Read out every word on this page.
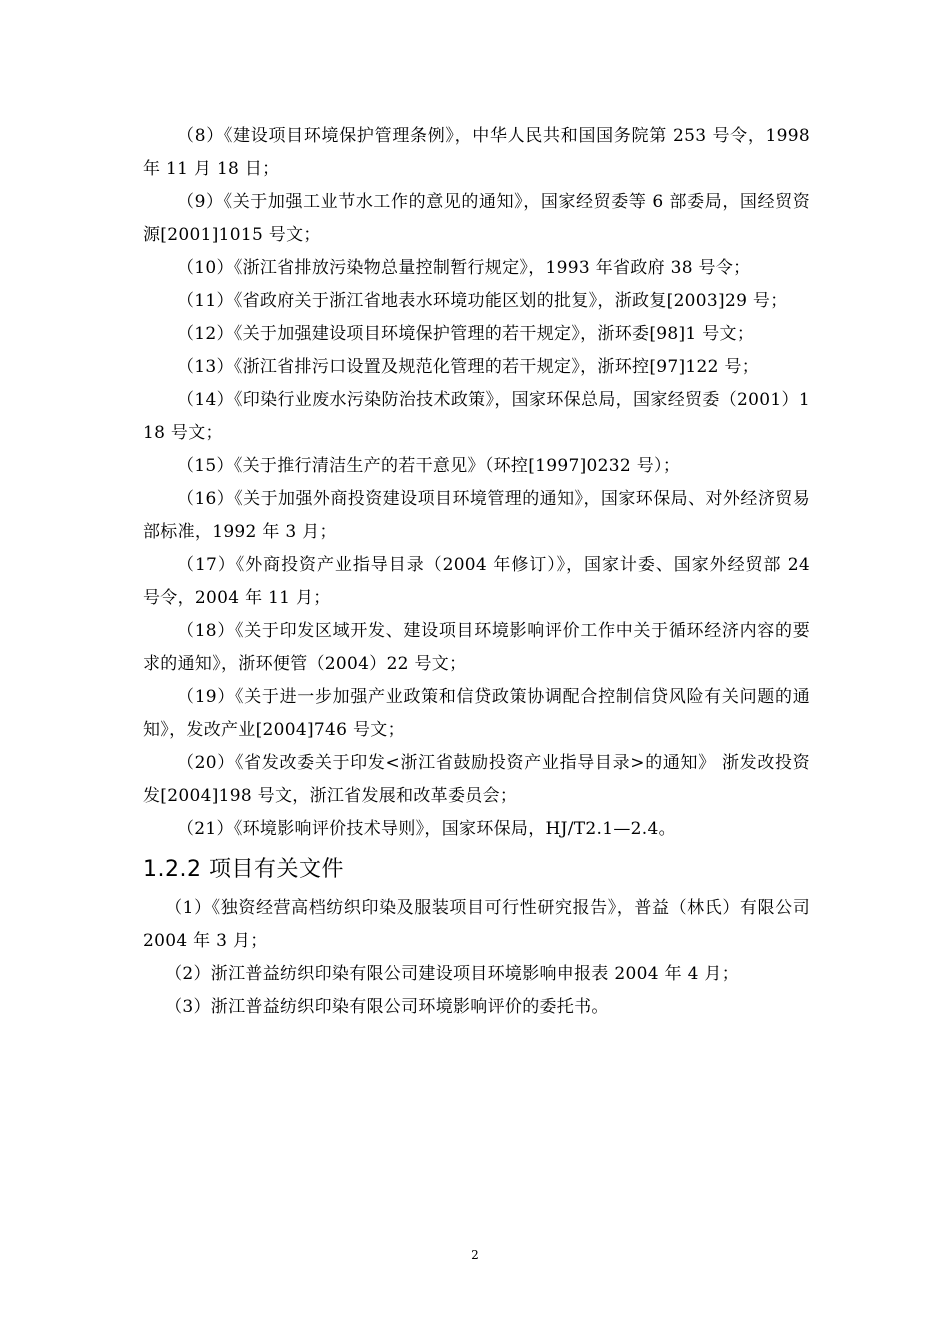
（8）《建设项目环境保护管理条例》，中华人民共和国国务院第 253 号令，1998 年 11 月 18 日；

（9）《关于加强工业节水工作的意见的通知》，国家经贸委等 6 部委局，国经贸资源[2001]1015 号文；

（10）《浙江省排放污染物总量控制暂行规定》，1993 年省政府 38 号令；

（11）《省政府关于浙江省地表水环境功能区划的批复》，浙政复[2003]29 号；

（12）《关于加强建设项目环境保护管理的若干规定》，浙环委[98]1 号文；

（13）《浙江省排污口设置及规范化管理的若干规定》，浙环控[97]122 号；

（14）《印染行业废水污染防治技术政策》，国家环保总局，国家经贸委（2001）118 号文；

（15）《关于推行清洁生产的若干意见》（环控[1997]0232 号）；

（16）《关于加强外商投资建设项目环境管理的通知》，国家环保局、对外经济贸易部标准，1992 年 3 月；

（17）《外商投资产业指导目录（2004 年修订）》，国家计委、国家外经贸部 24 号令，2004 年 11 月；

（18）《关于印发区域开发、建设项目环境影响评价工作中关于循环经济内容的要求的通知》，浙环便管（2004）22 号文；

（19）《关于进一步加强产业政策和信贷政策协调配合控制信贷风险有关问题的通知》，发改产业[2004]746 号文；

（20）《省发改委关于印发<浙江省鼓励投资产业指导目录>的通知》 浙发改投资发[2004]198 号文，浙江省发展和改革委员会；

（21）《环境影响评价技术导则》，国家环保局，HJ/T2.1—2.4。

1.2.2 项目有关文件

（1）《独资经营高档纺织印染及服装项目可行性研究报告》，普益（林氏）有限公司 2004 年 3 月；

（2）浙江普益纺织印染有限公司建设项目环境影响申报表 2004 年 4 月；

（3）浙江普益纺织印染有限公司环境影响评价的委托书。

2
